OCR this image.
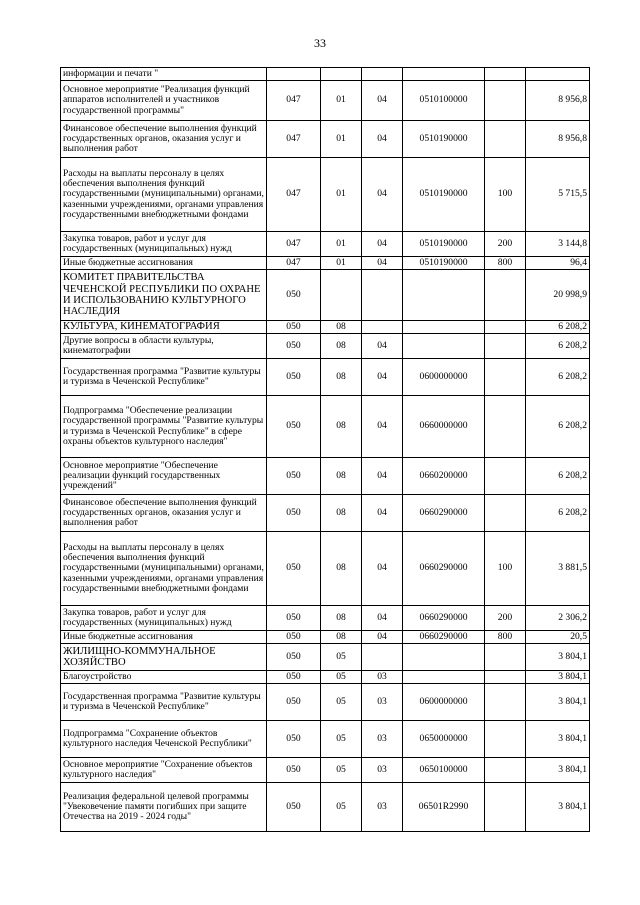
33
информации и печати "						
Основное мероприятие "Реализация функций аппаратов исполнителей и участников государственной программы"	047	01	04	0510100000		8 956,8
Финансовое обеспечение выполнения функций государственных органов, оказания услуг и выполнения работ	047	01	04	0510190000		8 956,8
Расходы на выплаты персоналу в целях обеспечения выполнения функций государственными (муниципальными) органами, казенными учреждениями, органами управления государственными внебюджетными фондами	047	01	04	0510190000	100	5 715,5
Закупка товаров, работ и услуг для государственных (муниципальных) нужд	047	01	04	0510190000	200	3 144,8
Иные бюджетные ассигнования	047	01	04	0510190000	800	96,4
КОМИТЕТ ПРАВИТЕЛЬСТВА ЧЕЧЕНСКОЙ РЕСПУБЛИКИ ПО ОХРАНЕ И ИСПОЛЬЗОВАНИЮ КУЛЬТУРНОГО НАСЛЕДИЯ	050					20 998,9
КУЛЬТУРА, КИНЕМАТОГРАФИЯ	050	08				6 208,2
Другие вопросы в области культуры, кинематографии	050	08	04			6 208,2
Государственная программа "Развитие культуры и туризма в Чеченской Республике"	050	08	04	0600000000		6 208,2
Подпрограмма "Обеспечение реализации государственной программы "Развитие культуры и туризма в Чеченской Республике" в сфере охраны объектов культурного наследия"	050	08	04	0660000000		6 208,2
Основное мероприятие "Обеспечение реализации функций государственных учреждений"	050	08	04	0660200000		6 208,2
Финансовое обеспечение выполнения функций государственных органов, оказания услуг и выполнения работ	050	08	04	0660290000		6 208,2
Расходы на выплаты персоналу в целях обеспечения выполнения функций государственными (муниципальными) органами, казенными учреждениями, органами управления государственными внебюджетными фондами	050	08	04	0660290000	100	3 881,5
Закупка товаров, работ и услуг для государственных (муниципальных) нужд	050	08	04	0660290000	200	2 306,2
Иные бюджетные ассигнования	050	08	04	0660290000	800	20,5
ЖИЛИЩНО-КОММУНАЛЬНОЕ ХОЗЯЙСТВО	050	05				3 804,1
Благоустройство	050	05	03			3 804,1
Государственная программа "Развитие культуры и туризма в Чеченской Республике"	050	05	03	0600000000		3 804,1
Подпрограмма "Сохранение объектов культурного наследия Чеченской Республики"	050	05	03	0650000000		3 804,1
Основное мероприятие "Сохранение объектов культурного наследия"	050	05	03	0650100000		3 804,1
Реализация федеральной целевой программы "Увековечение памяти погибших при защите Отечества на 2019 - 2024 годы"	050	05	03	06501R2990		3 804,1
